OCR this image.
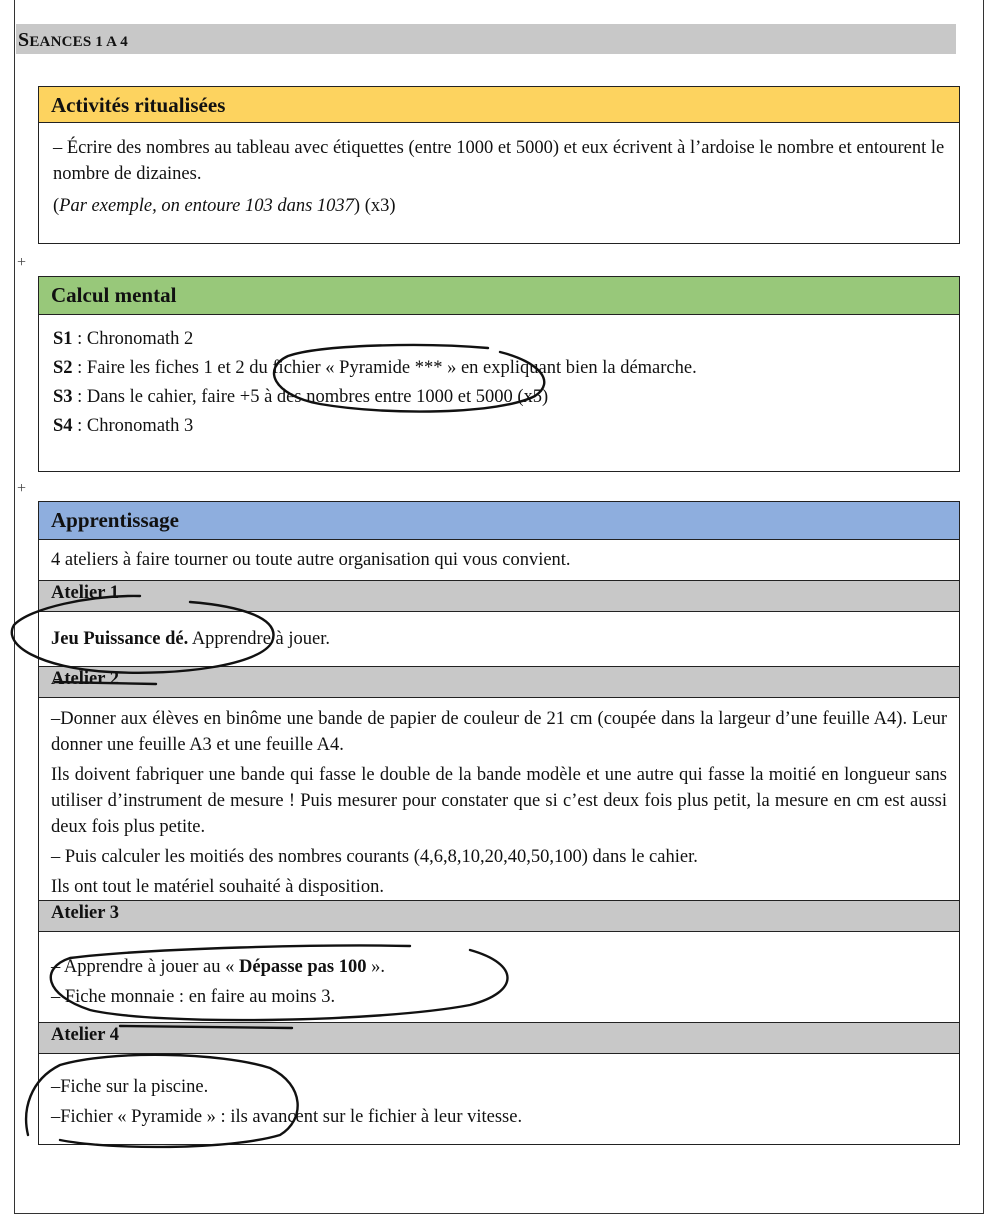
SEANCES 1 A 4
Activités ritualisées

– Écrire des nombres au tableau avec étiquettes (entre 1000 et 5000) et eux écrivent à l’ardoise le nombre et entourent le nombre de dizaines.

(Par exemple, on entoure 103 dans 1037) (x3)

+
Calcul mental

S1 : Chronomath 2

S2 : Faire les fiches 1 et 2 du fichier « Pyramide *** » en expliquant bien la démarche.

S3 : Dans le cahier, faire +5 à des nombres entre 1000 et 5000 (x5)

S4 : Chronomath 3

+
Apprentissage
4 ateliers à faire tourner ou toute autre organisation qui vous convient.
Atelier 1

Jeu Puissance dé. Apprendre à jouer.

Atelier 2

–Donner aux élèves en binôme une bande de papier de couleur de 21 cm (coupée dans la largeur d’une feuille A4). Leur donner une feuille A3 et une feuille A4.

Ils doivent fabriquer une bande qui fasse le double de la bande modèle et une autre qui fasse la moitié en longueur sans utiliser d’instrument de mesure ! Puis mesurer pour constater que si c’est deux fois plus petit, la mesure en cm est aussi deux fois plus petite.

– Puis calculer les moitiés des nombres courants (4,6,8,10,20,40,50,100) dans le cahier.

Ils ont tout le matériel souhaité à disposition.

Atelier 3

– Apprendre à jouer au « Dépasse pas 100 ».

– Fiche monnaie : en faire au moins 3.

Atelier 4

–Fiche sur la piscine.

–Fichier « Pyramide » : ils avancent sur le fichier à leur vitesse.
